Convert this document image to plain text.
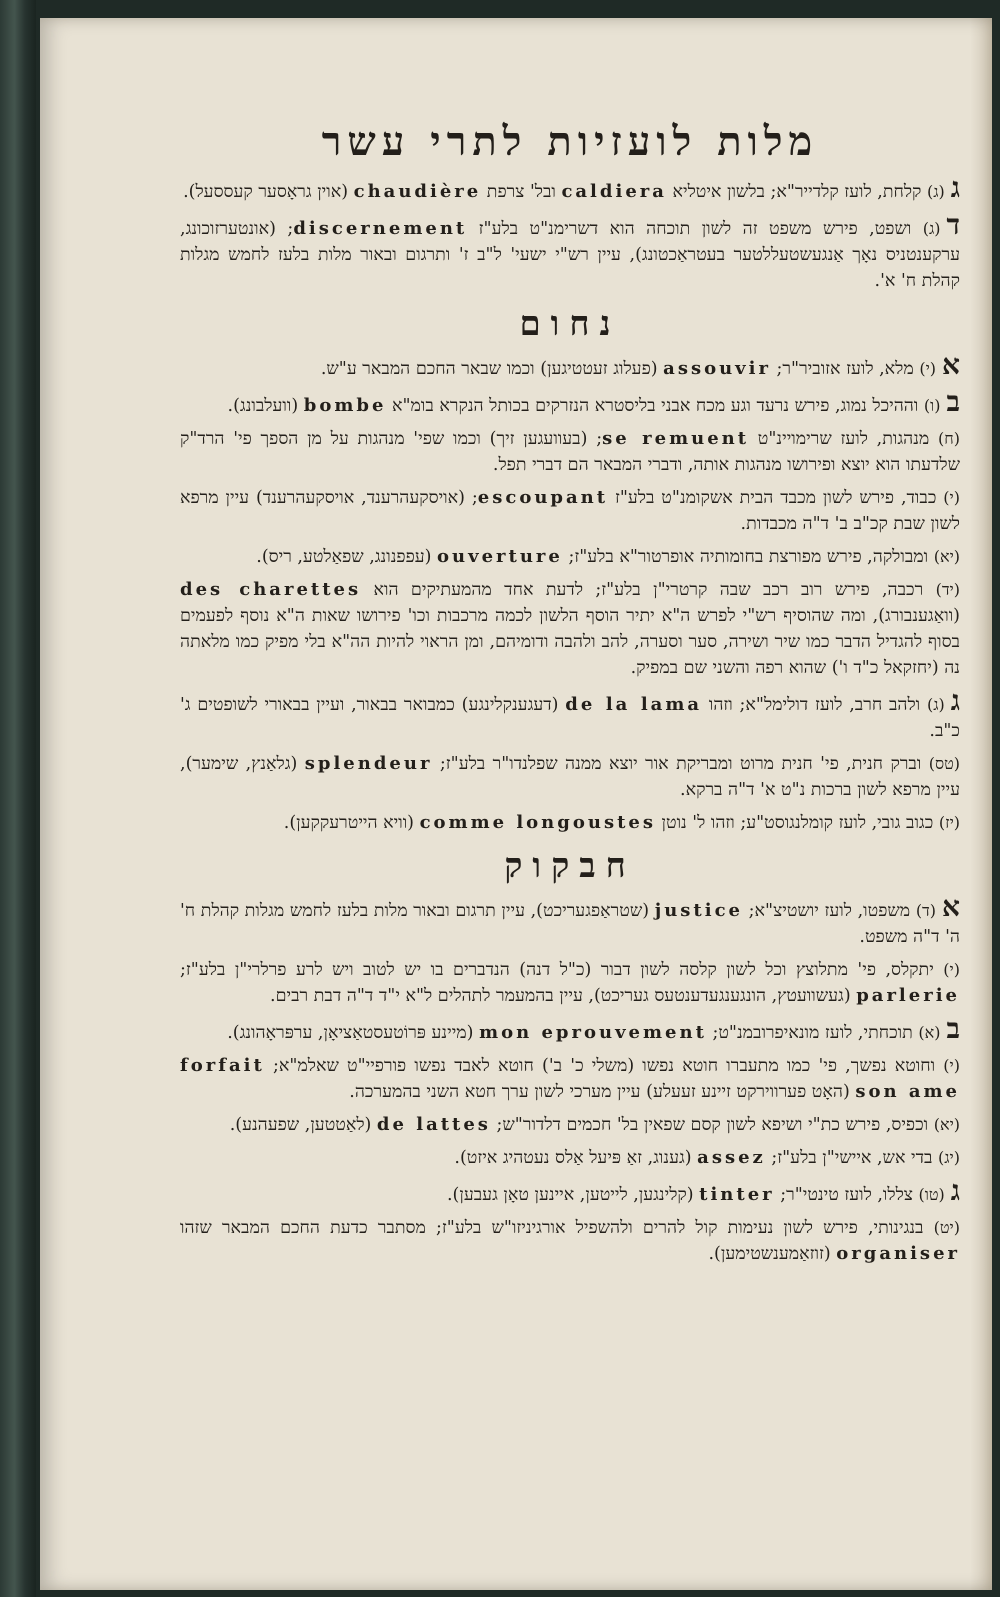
מלות לועזיות לתרי עשר
ג(ג) קלחת, לועז קלדייר"א; בלשון איטליא caldiera ובל' צרפת chaudière (אוין גראָסער קעססעל).
ד(ג) ושפט, פירש משפט זה לשון תוכחה הוא דשרימנ"ט בלע"ז discernement; (אונטערזוכונג, ערקענטניס נאָך אַנגעשטעללטער בעטראַכטונג), עיין רש"י ישעי' ל"ב ז' ותרגום ובאור מלות בלעז לחמש מגלות קהלת ח' א'.
נחום
א(י) מלא, לועז אזוביר"ר; assouvir (פעלוג זעטטיגען) וכמו שבאר החכם המבאר ע"ש.
ב(ו) וההיכל נמוג, פירש נרעד וגע מכח אבני בליסטרא הנזרקים בכותל הנקרא בומ"א bombe (וועלבונג).
(ח) מנהגות, לועז שרימויינ"ט se remuent; (בעוועגען זיך) וכמו שפי' מנהגות על מן הספך פי' הרד"ק שלדעתו הוא יוצא ופירושו מנהגות אותה, ודברי המבאר הם דברי תפל.
(י) כבוד, פירש לשון מכבד הבית אשקומנ"ט בלע"ז escoupant; (אויסקעהרענד, אויסקעהרענד) עיין מרפא לשון שבת קכ"ב ב' ד"ה מכבדות.
(יא) ומבולקה, פירש מפורצת בחומותיה אופרטור"א בלע"ז; ouverture (עפפנונג, שפאַלטע, ריס).
(יד) רכבה, פירש רוב רכב שבה קרטרי"ן בלע"ז; לדעת אחד מהמעתיקים הוא des charettes (וואַגענבורג), ומה שהוסיף רש"י לפרש ה"א יתיר הוסף הלשון לכמה מרכבות וכו' פירושו שאות ה"א נוסף לפעמים בסוף להגדיל הדבר כמו שיר ושירה, סער וסערה, להב ולהבה ודומיהם, ומן הראוי להיות הה"א בלי מפיק כמו מלאתה נה (יחזקאל כ"ד ו') שהוא רפה והשני שם במפיק.
ג(ג) ולהב חרב, לועז דולימל"א; וזהו de la lama (דעגענקלינגע) כמבואר בבאור, ועיין בבאורי לשופטים ג' כ"ב.
(טס) וברק חנית, פי' חנית מרוט ומבריקת אור יוצא ממנה שפלנדו"ר בלע"ז; splendeur (גלאַנץ, שימער), עיין מרפא לשון ברכות נ"ט א' ד"ה ברקא.
(יז) כגוב גובי, לועז קומלנגוסט"ע; וזהו ל' נוטן comme longoustes (וויא הייטרעקקען).
חבקוק
א(ד) משפטו, לועז יושטיצ"א; justice (שטראַפגעריכט), עיין תרגום ובאור מלות בלעז לחמש מגלות קהלת ח' ה' ד"ה משפט.
(י) יתקלס, פי' מתלוצץ וכל לשון קלסה לשון דבור (כ"ל דנה) הנדברים בו יש לטוב ויש לרע פרלרי"ן בלע"ז; parlerie (געשוועטץ, הונגענגעדענטעס געריכט), עיין בהמעמר לתהלים ל"א י"ד ד"ה דבת רבים.
ב(א) תוכחתי, לועז מונאיפרובמנ"ט; mon eprouvement (מיינע פּרוֹטעסטאַציאָן, ערפּראָהונג).
(י) וחוטא נפשך, פי' כמו מתעברו חוטא נפשו (משלי כ' ב') חוטא לאבד נפשו פורפיי"ט שאלמ"א; forfait son ame (האָט פערווירקט זיינע זעעלע) עיין מערכי לשון ערך חטא השני בהמערכה.
(יא) וכפיס, פירש כת"י ושיפא לשון קסם שפאין בל' חכמים דלדור"ש; de lattes (לאַטטען, שפעהנע).
(יג) בדי אש, איישי"ן בלע"ז; assez (גענוג, זאַ פּיעל אַלס נעטהיג איזט).
ג(טו) צללו, לועז טינטי"ר; tinter (קלינגען, לייטען, איינען טאָן געבען).
(יט) בנגינותי, פירש לשון נעימות קול להרים ולהשפיל אורגיניזו"ש בלע"ז; מסתבר כדעת החכם המבאר שזהו organiser (זוזאַמענשטימען).
